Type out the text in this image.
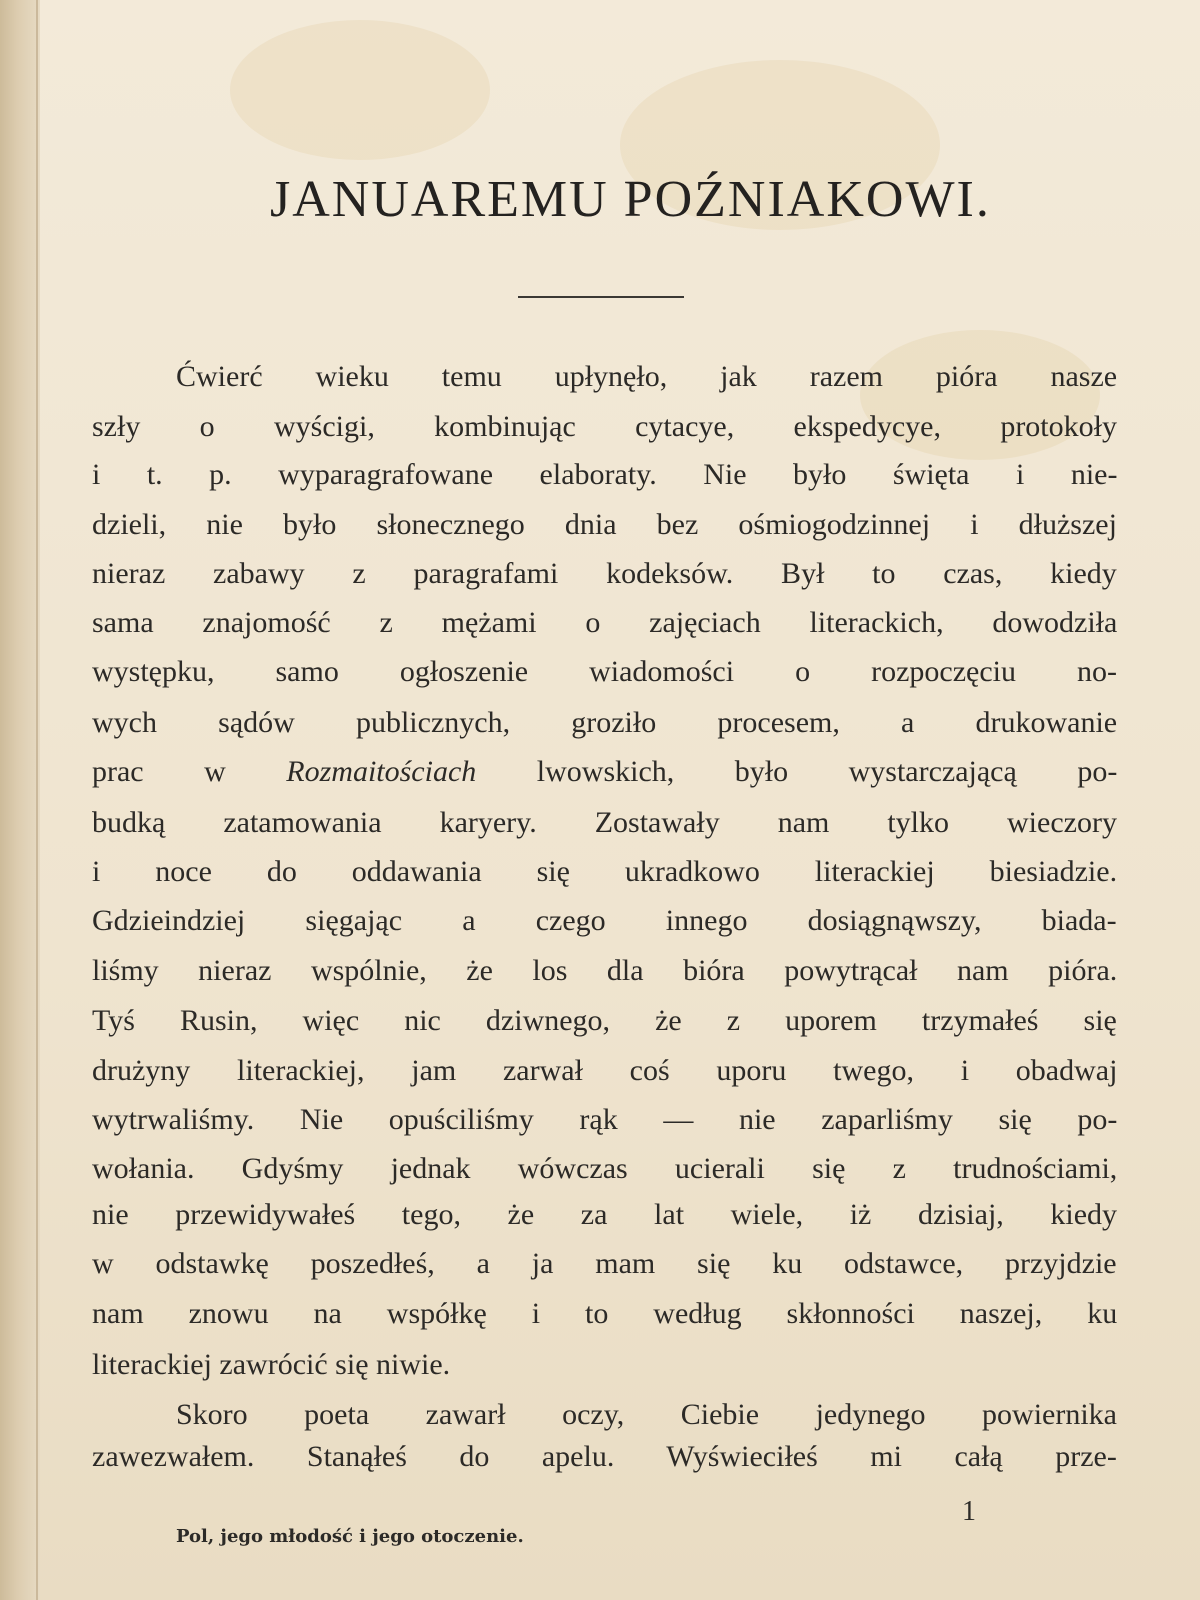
JANUAREMU POŹNIAKOWI.

Ćwierć wieku temu upłynęło, jak razem pióra nasze

szły o wyścigi, kombinując cytacye, ekspedycye, protokoły

i t. p. wyparagrafowane elaboraty. Nie było święta i nie-

dzieli, nie było słonecznego dnia bez ośmiogodzinnej i dłuższej

nieraz zabawy z paragrafami kodeksów. Był to czas, kiedy

sama znajomość z mężami o zajęciach literackich, dowodziła

występku, samo ogłoszenie wiadomości o rozpoczęciu no-

wych sądów publicznych, groziło procesem, a drukowanie

prac w Rozmaitościach lwowskich, było wystarczającą po-

budką zatamowania karyery. Zostawały nam tylko wieczory

i noce do oddawania się ukradkowo literackiej biesiadzie.

Gdzieindziej sięgając a czego innego dosiągnąwszy, biada-

liśmy nieraz wspólnie, że los dla bióra powytrącał nam pióra.

Tyś Rusin, więc nic dziwnego, że z uporem trzymałeś się

drużyny literackiej, jam zarwał coś uporu twego, i obadwaj

wytrwaliśmy. Nie opuściliśmy rąk — nie zaparliśmy się po-

wołania. Gdyśmy jednak wówczas ucierali się z trudnościami,

nie przewidywałeś tego, że za lat wiele, iż dzisiaj, kiedy

w odstawkę poszedłeś, a ja mam się ku odstawce, przyjdzie

nam znowu na współkę i to według skłonności naszej, ku

literackiej zawrócić się niwie.

Skoro poeta zawarł oczy, Ciebie jedynego powiernika

zawezwałem. Stanąłeś do apelu. Wyświeciłeś mi całą prze-

Pol, jego młodość i jego otoczenie.

1
